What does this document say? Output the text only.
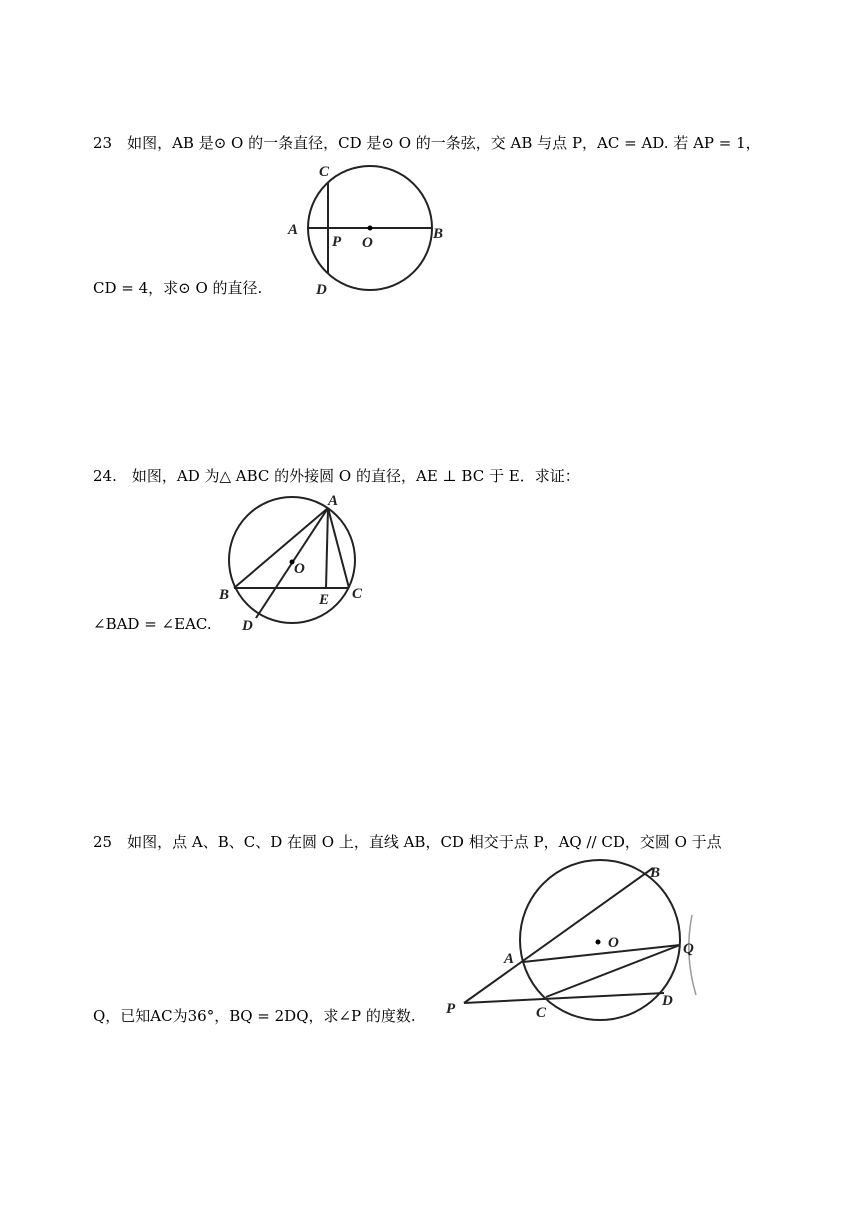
23　如图，AB 是⊙ O 的一条直径，CD 是⊙ O 的一条弦，交 AB 与点 P，AC = AD. 若 AP = 1，
C
A
P O
B
D
CD = 4，求⊙ O 的直径.
24.　如图，AD 为△ ABC 的外接圆 O 的直径，AE ⊥ BC 于 E．求证：
A
O
B	E C
D
∠BAD = ∠EAC.
25　如图，点 A、B、C、D 在圆 O 上，直线 AB，CD 相交于点 P，AQ // CD，交圆 O 于点
B
O
A
Q
D
P	C
Q，已知AC为36°，BQ = 2DQ，求∠P 的度数.
